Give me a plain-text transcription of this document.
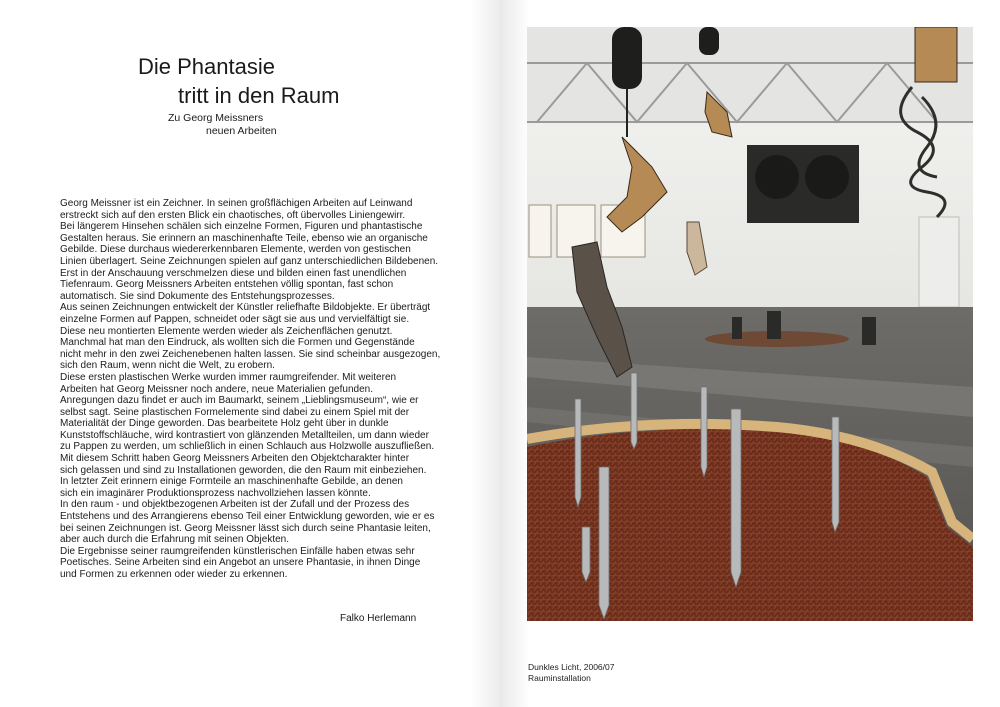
Die Phantasie
tritt in den Raum
Zu Georg Meissners
neuen Arbeiten

Georg Meissner ist ein Zeichner. In seinen großflächigen Arbeiten auf Leinwand

erstreckt sich auf den ersten Blick ein chaotisches, oft übervolles Liniengewirr.

Bei längerem Hinsehen schälen sich einzelne Formen, Figuren und phantastische

Gestalten heraus. Sie erinnern an maschinenhafte Teile, ebenso wie an organische

Gebilde. Diese durchaus wiedererkennbaren Elemente, werden von gestischen

Linien überlagert. Seine Zeichnungen spielen auf ganz unterschiedlichen Bildebenen.

Erst in der Anschauung verschmelzen diese und bilden einen fast unendlichen

Tiefenraum. Georg Meissners Arbeiten entstehen völlig spontan, fast schon

automatisch. Sie sind Dokumente des Entstehungsprozesses.

Aus seinen Zeichnungen entwickelt der Künstler reliefhafte Bildobjekte. Er überträgt

einzelne Formen auf Pappen, schneidet oder sägt sie aus und vervielfältigt sie.

Diese neu montierten Elemente werden wieder als Zeichenflächen genutzt.

Manchmal hat man den Eindruck, als wollten sich die Formen und Gegenstände

nicht mehr in den zwei Zeichenebenen halten lassen. Sie sind scheinbar ausgezogen,

sich den Raum, wenn nicht die Welt, zu erobern.

Diese ersten plastischen Werke wurden immer raumgreifender. Mit weiteren

Arbeiten hat Georg Meissner noch andere, neue Materialien gefunden.

Anregungen dazu findet er auch im Baumarkt, seinem „Lieblingsmuseum“, wie er

selbst sagt. Seine plastischen Formelemente sind dabei zu einem Spiel mit der

Materialität der Dinge geworden. Das bearbeitete Holz geht über in dunkle

Kunststoffschläuche, wird kontrastiert von glänzenden Metallteilen, um dann wieder

zu Pappen zu werden, um schließlich in einen Schlauch aus Holzwolle auszufließen.

Mit diesem Schritt haben Georg Meissners Arbeiten den Objektcharakter hinter

sich gelassen und sind zu Installationen geworden, die den Raum mit einbeziehen.

In letzter Zeit erinnern einige Formteile an maschinenhafte Gebilde, an denen

sich ein imaginärer Produktionsprozess nachvollziehen lassen könnte.

In den raum - und objektbezogenen Arbeiten ist der Zufall und der Prozess des

Entstehens und des Arrangierens ebenso Teil einer Entwicklung geworden, wie er es

bei seinen Zeichnungen ist. Georg Meissner lässt sich durch seine Phantasie leiten,

aber auch durch die Erfahrung mit seinen Objekten.

Die Ergebnisse seiner raumgreifenden künstlerischen Einfälle haben etwas sehr

Poetisches. Seine Arbeiten sind ein Angebot an unsere Phantasie, in ihnen Dinge

und Formen zu erkennen oder wieder zu erkennen.

Falko Herlemann
Dunkles Licht, 2006/07
Rauminstallation
